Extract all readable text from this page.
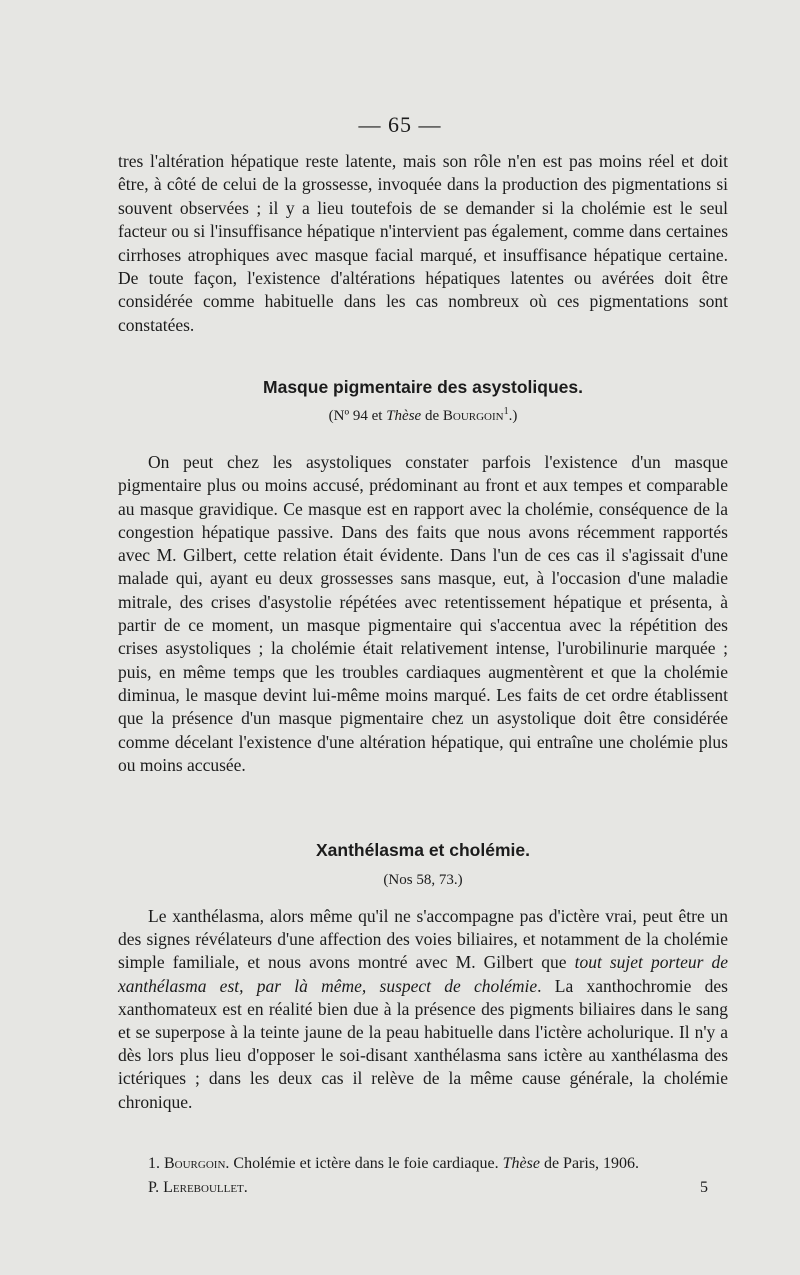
— 65 —

tres l'altération hépatique reste latente, mais son rôle n'en est pas moins réel et doit être, à côté de celui de la grossesse, invoquée dans la production des pigmentations si souvent observées ; il y a lieu toutefois de se demander si la cholémie est le seul facteur ou si l'insuffisance hépatique n'intervient pas également, comme dans certaines cirrhoses atrophiques avec masque facial marqué, et insuffisance hépatique certaine. De toute façon, l'existence d'altérations hépatiques latentes ou avérées doit être considérée comme habituelle dans les cas nombreux où ces pigmentations sont constatées.

Masque pigmentaire des asystoliques.
(Nº 94 et Thèse de Bourgoin$^1$.)

On peut chez les asystoliques constater parfois l'existence d'un masque pigmentaire plus ou moins accusé, prédominant au front et aux tempes et comparable au masque gravidique. Ce masque est en rapport avec la cholémie, conséquence de la congestion hépatique passive. Dans des faits que nous avons récemment rapportés avec M. Gilbert, cette relation était évidente. Dans l'un de ces cas il s'agissait d'une malade qui, ayant eu deux grossesses sans masque, eut, à l'occasion d'une maladie mitrale, des crises d'asystolie répétées avec retentissement hépatique et présenta, à partir de ce moment, un masque pigmentaire qui s'accentua avec la répétition des crises asystoliques ; la cholémie était relativement intense, l'urobilinurie marquée ; puis, en même temps que les troubles cardiaques augmentèrent et que la cholémie diminua, le masque devint lui-même moins marqué. Les faits de cet ordre établissent que la présence d'un masque pigmentaire chez un asystolique doit être considérée comme décelant l'existence d'une altération hépatique, qui entraîne une cholémie plus ou moins accusée.

Xanthélasma et cholémie.
(Nos 58, 73.)

Le xanthélasma, alors même qu'il ne s'accompagne pas d'ictère vrai, peut être un des signes révélateurs d'une affection des voies biliaires, et notamment de la cholémie simple familiale, et nous avons montré avec M. Gilbert que tout sujet porteur de xanthélasma est, par là même, suspect de cholémie. La xanthochromie des xanthomateux est en réalité bien due à la présence des pigments biliaires dans le sang et se superpose à la teinte jaune de la peau habituelle dans l'ictère acholurique. Il n'y a dès lors plus lieu d'opposer le soi-disant xanthélasma sans ictère au xanthélasma des ictériques ; dans les deux cas il relève de la même cause générale, la cholémie chronique.

1. Bourgoin. Cholémie et ictère dans le foie cardiaque. Thèse de Paris, 1906.
P. Lereboullet.	5
